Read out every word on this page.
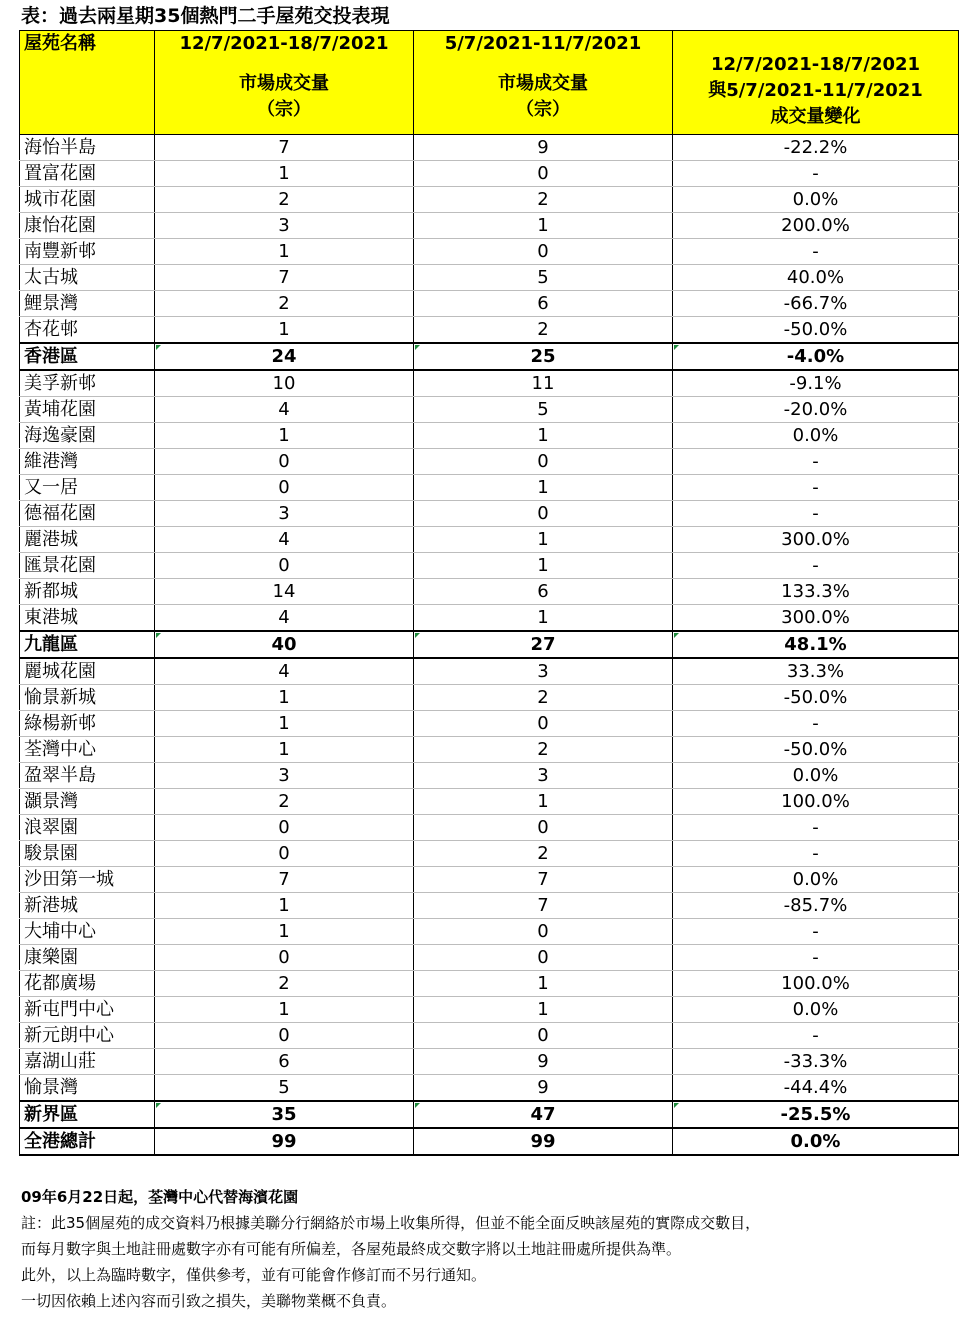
表：過去兩星期35個熱門二手屋苑交投表現
屋苑名稱	12/7/2021-18/7/2021
市場成交量
（宗）	5/7/2021-11/7/2021
市場成交量
（宗）	12/7/2021-18/7/2021
與5/7/2021-11/7/2021
成交量變化

海怡半島	7	9	-22.2%
置富花園	1	0	-
城市花園	2	2	0.0%
康怡花園	3	1	200.0%
南豐新邨	1	0	-
太古城	7	5	40.0%
鯉景灣	2	6	-66.7%
杏花邨	1	2	-50.0%
香港區	24	25	-4.0%
美孚新邨	10	11	-9.1%
黃埔花園	4	5	-20.0%
海逸豪園	1	1	0.0%
維港灣	0	0	-
又一居	0	1	-
德福花園	3	0	-
麗港城	4	1	300.0%
匯景花園	0	1	-
新都城	14	6	133.3%
東港城	4	1	300.0%
九龍區	40	27	48.1%
麗城花園	4	3	33.3%
愉景新城	1	2	-50.0%
綠楊新邨	1	0	-
荃灣中心	1	2	-50.0%
盈翠半島	3	3	0.0%
灝景灣	2	1	100.0%
浪翠園	0	0	-
駿景園	0	2	-
沙田第一城	7	7	0.0%
新港城	1	7	-85.7%
大埔中心	1	0	-
康樂園	0	0	-
花都廣場	2	1	100.0%
新屯門中心	1	1	0.0%
新元朗中心	0	0	-
嘉湖山莊	6	9	-33.3%
愉景灣	5	9	-44.4%
新界區	35	47	-25.5%
全港總計	99	99	0.0%
09年6月22日起，荃灣中心代替海濱花園
註：此35個屋苑的成交資料乃根據美聯分行網絡於市場上收集所得，但並不能全面反映該屋苑的實際成交數目，
而每月數字與土地註冊處數字亦有可能有所偏差，各屋苑最終成交數字將以土地註冊處所提供為準。
此外，以上為臨時數字，僅供參考，並有可能會作修訂而不另行通知。
一切因依賴上述內容而引致之損失，美聯物業概不負責。
